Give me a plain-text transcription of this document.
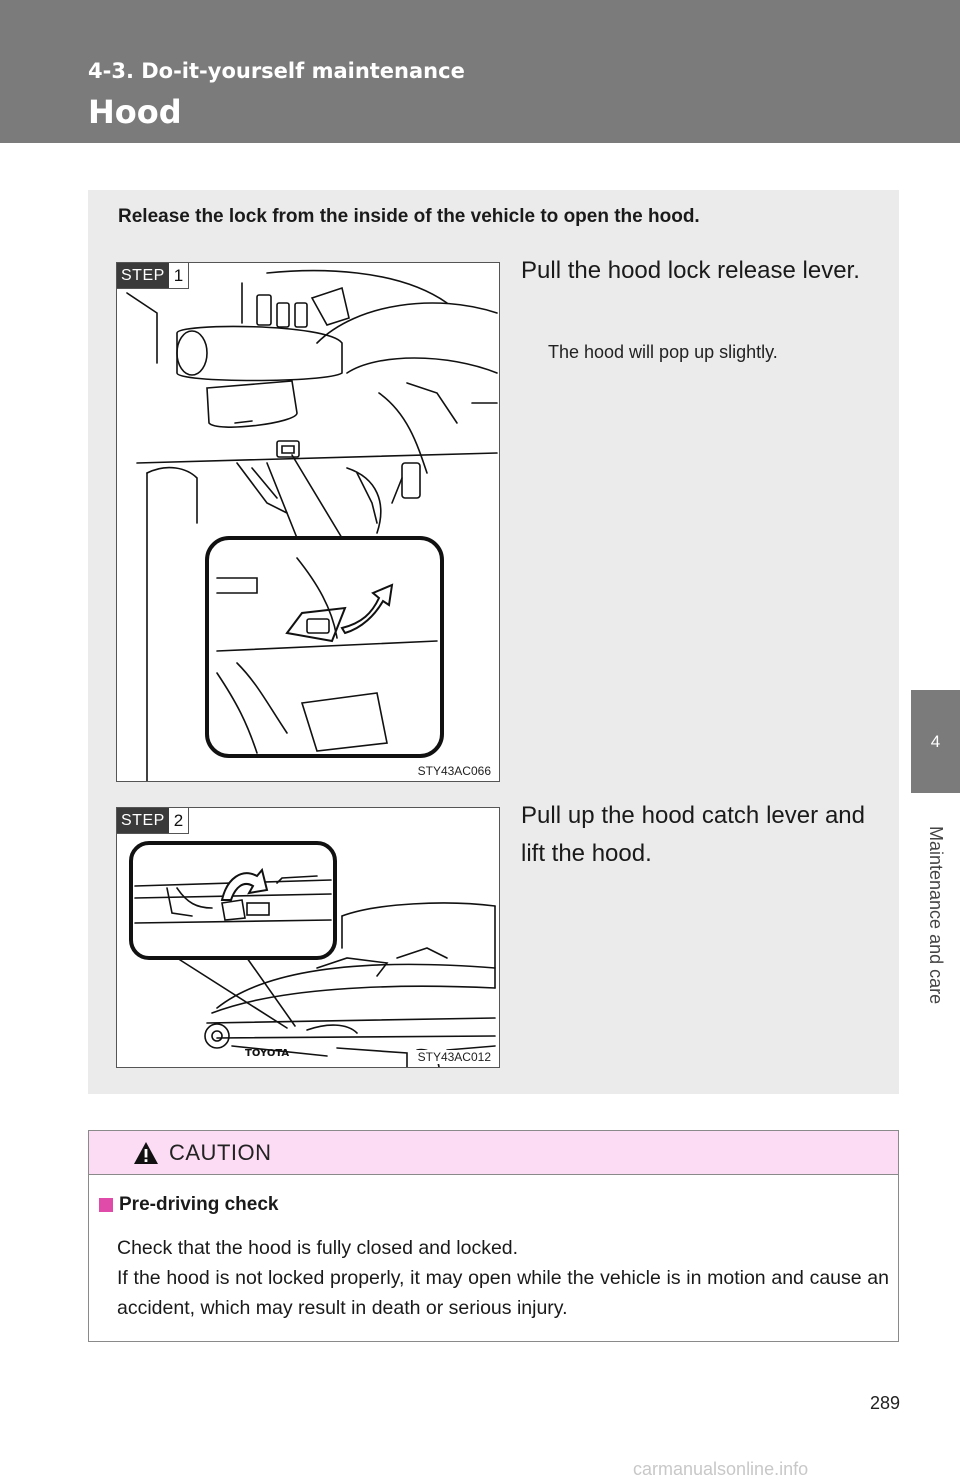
4-3. Do-it-yourself maintenance
Hood
4
Maintenance and care
Release the lock from the inside of the vehicle to open the hood.
STEP 1
STY43AC066
Pull the hood lock release lever.
The hood will pop up slightly.
TOYOTA
STEP 2
STY43AC012
Pull up the hood catch lever and lift the hood.
CAUTION
Pre-driving check

Check that the hood is fully closed and locked.

If the hood is not locked properly, it may open while the vehicle is in motion and cause an accident, which may result in death or serious injury.

289
carmanualsonline.info
